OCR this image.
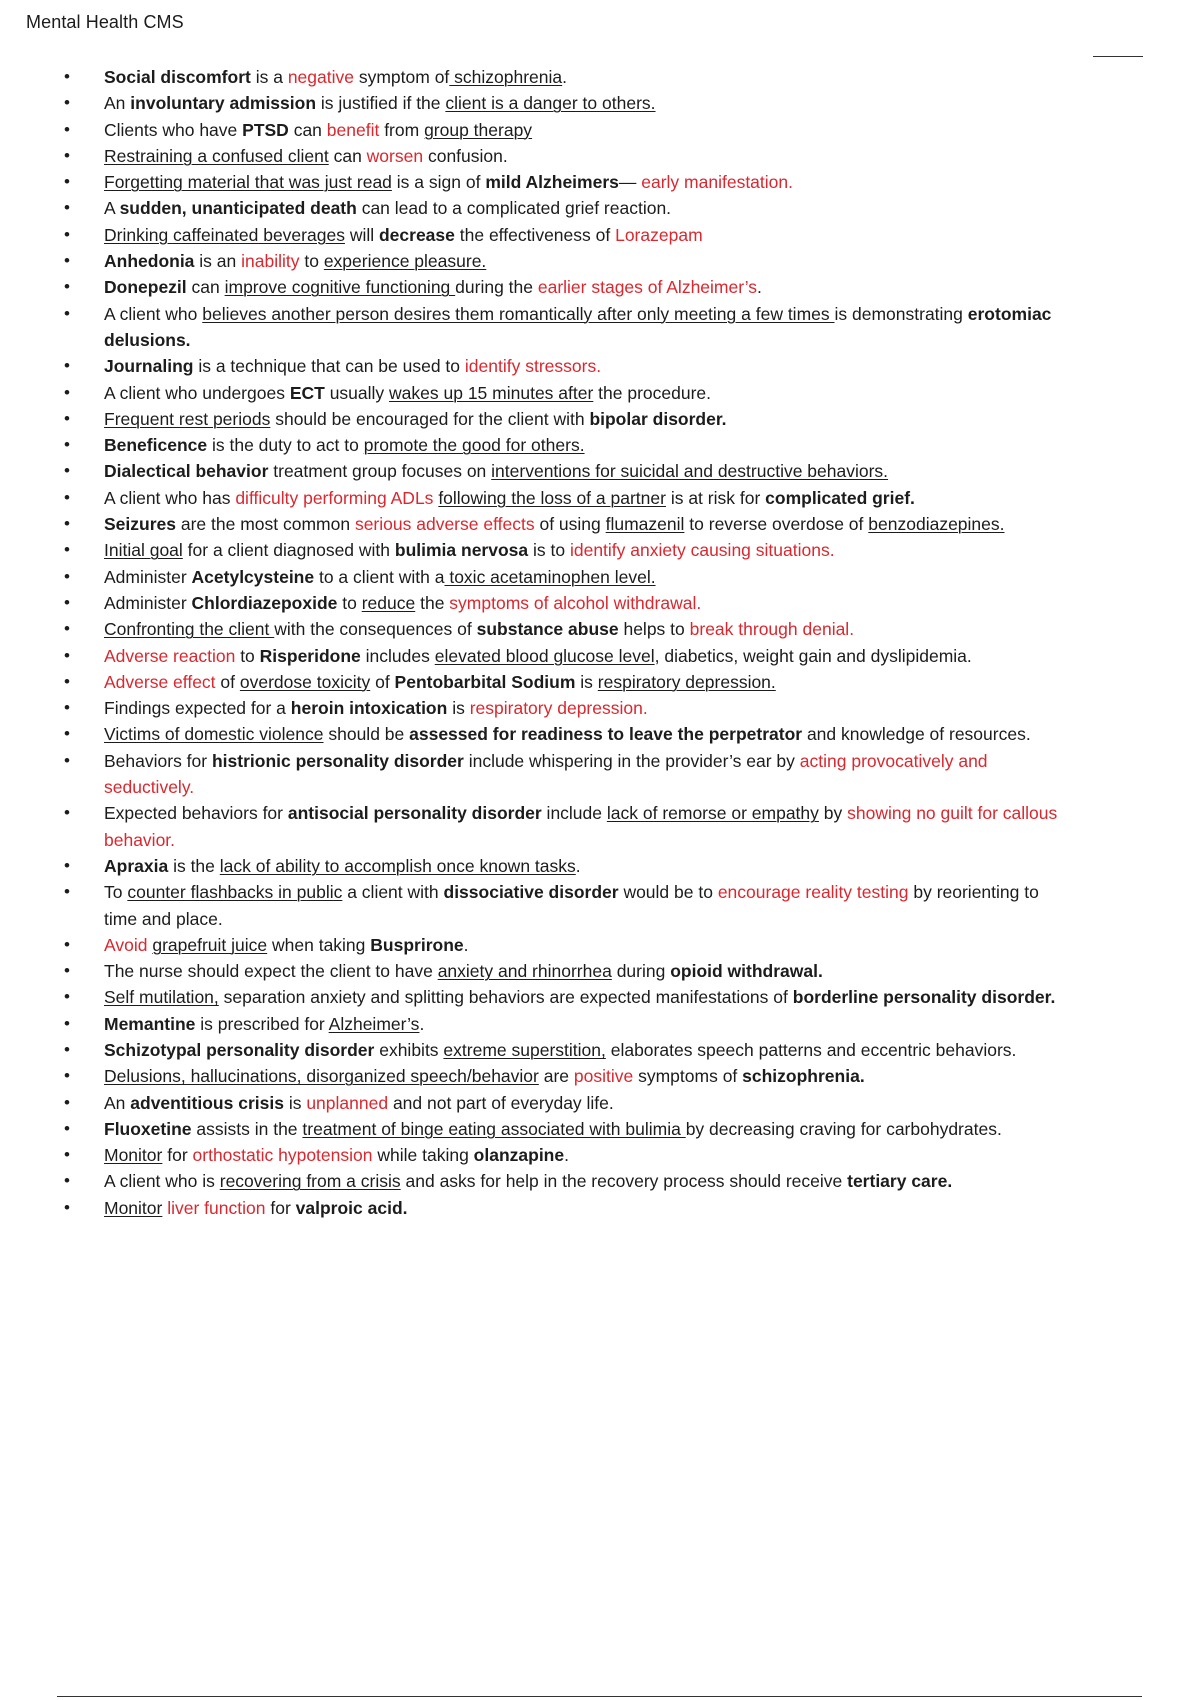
Mental Health CMS
• Social discomfort is a negative symptom of schizophrenia.
• An involuntary admission is justified if the client is a danger to others.
• Clients who have PTSD can benefit from group therapy
• Restraining a confused client can worsen confusion.
• Forgetting material that was just read is a sign of mild Alzheimers— early manifestation.
• A sudden, unanticipated death can lead to a complicated grief reaction.
• Drinking caffeinated beverages will decrease the effectiveness of Lorazepam
• Anhedonia is an inability to experience pleasure.
• Donepezil can improve cognitive functioning during the earlier stages of Alzheimer’s.
• A client who believes another person desires them romantically after only meeting a few times is demonstrating erotomiac delusions.
• Journaling is a technique that can be used to identify stressors.
• A client who undergoes ECT usually wakes up 15 minutes after the procedure.
• Frequent rest periods should be encouraged for the client with bipolar disorder.
• Beneficence is the duty to act to promote the good for others.
• Dialectical behavior treatment group focuses on interventions for suicidal and destructive behaviors.
• A client who has difficulty performing ADLs following the loss of a partner is at risk for complicated grief.
• Seizures are the most common serious adverse effects of using flumazenil to reverse overdose of benzodiazepines.
• Initial goal for a client diagnosed with bulimia nervosa is to identify anxiety causing situations.
• Administer Acetylcysteine to a client with a toxic acetaminophen level.
• Administer Chlordiazepoxide to reduce the symptoms of alcohol withdrawal.
• Confronting the client with the consequences of substance abuse helps to break through denial.
• Adverse reaction to Risperidone includes elevated blood glucose level, diabetics, weight gain and dyslipidemia.
• Adverse effect of overdose toxicity of Pentobarbital Sodium is respiratory depression.
• Findings expected for a heroin intoxication is respiratory depression.
• Victims of domestic violence should be assessed for readiness to leave the perpetrator and knowledge of resources.
• Behaviors for histrionic personality disorder include whispering in the provider’s ear by acting provocatively and seductively.
• Expected behaviors for antisocial personality disorder include lack of remorse or empathy by showing no guilt for callous behavior.
• Apraxia is the lack of ability to accomplish once known tasks.
• To counter flashbacks in public a client with dissociative disorder would be to encourage reality testing by reorienting to time and place.
• Avoid grapefruit juice when taking Busprirone.
• The nurse should expect the client to have anxiety and rhinorrhea during opioid withdrawal.
• Self mutilation, separation anxiety and splitting behaviors are expected manifestations of borderline personality disorder.
• Memantine is prescribed for Alzheimer’s.
• Schizotypal personality disorder exhibits extreme superstition, elaborates speech patterns and eccentric behaviors.
• Delusions, hallucinations, disorganized speech/behavior are positive symptoms of schizophrenia.
• An adventitious crisis is unplanned and not part of everyday life.
• Fluoxetine assists in the treatment of binge eating associated with bulimia by decreasing craving for carbohydrates.
• Monitor for orthostatic hypotension while taking olanzapine.
• A client who is recovering from a crisis and asks for help in the recovery process should receive tertiary care.
• Monitor liver function for valproic acid.
